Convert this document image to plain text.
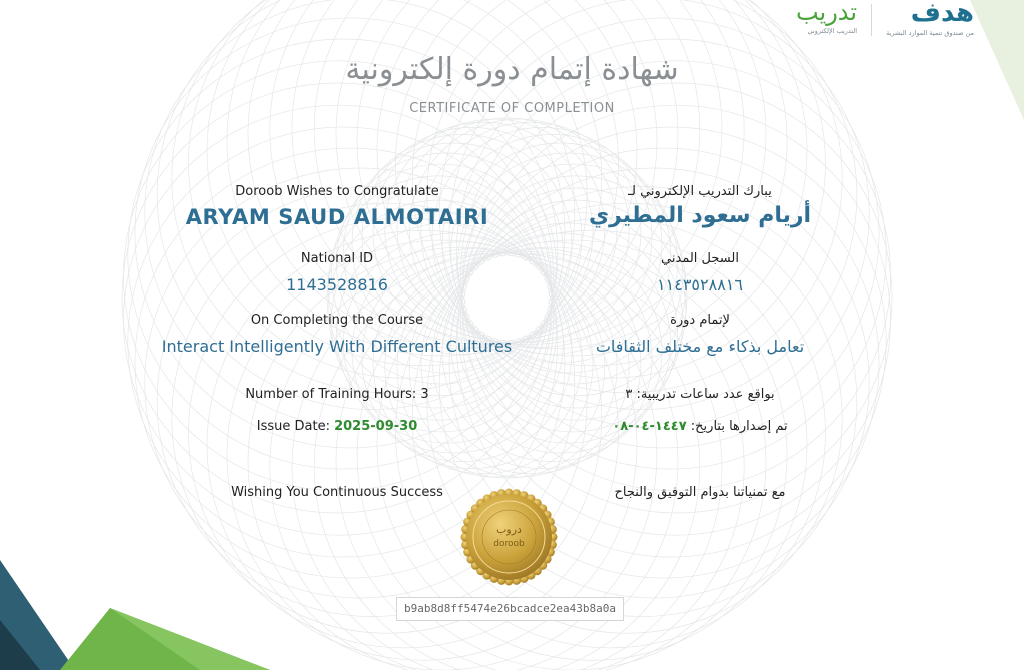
تدريب
التدريب الإلكتروني
هدف
من صندوق تنمية الموارد البشرية
شهادة إتمام دورة إلكترونية
CERTIFICATE OF COMPLETION
Doroob Wishes to Congratulate
ARYAM SAUD ALMOTAIRI
National ID
1143528816
On Completing the Course
Interact Intelligently With Different Cultures
Number of Training Hours: 3
Issue Date: 2025-09-30
Wishing You Continuous Success
يبارك التدريب الإلكتروني لـ
أريام سعود المطيري
السجل المدني
١١٤٣٥٢٨٨١٦
لإتمام دورة
تعامل بذكاء مع مختلف الثقافات
بواقع عدد ساعات تدريبية: ٣
تم إصدارها بتاريخ: ١٤٤٧-٠٤-٠٨
مع تمنياتنا بدوام التوفيق والنجاح
دروب
doroob
b9ab8d8ff5474e26bcadce2ea43b8a0a
